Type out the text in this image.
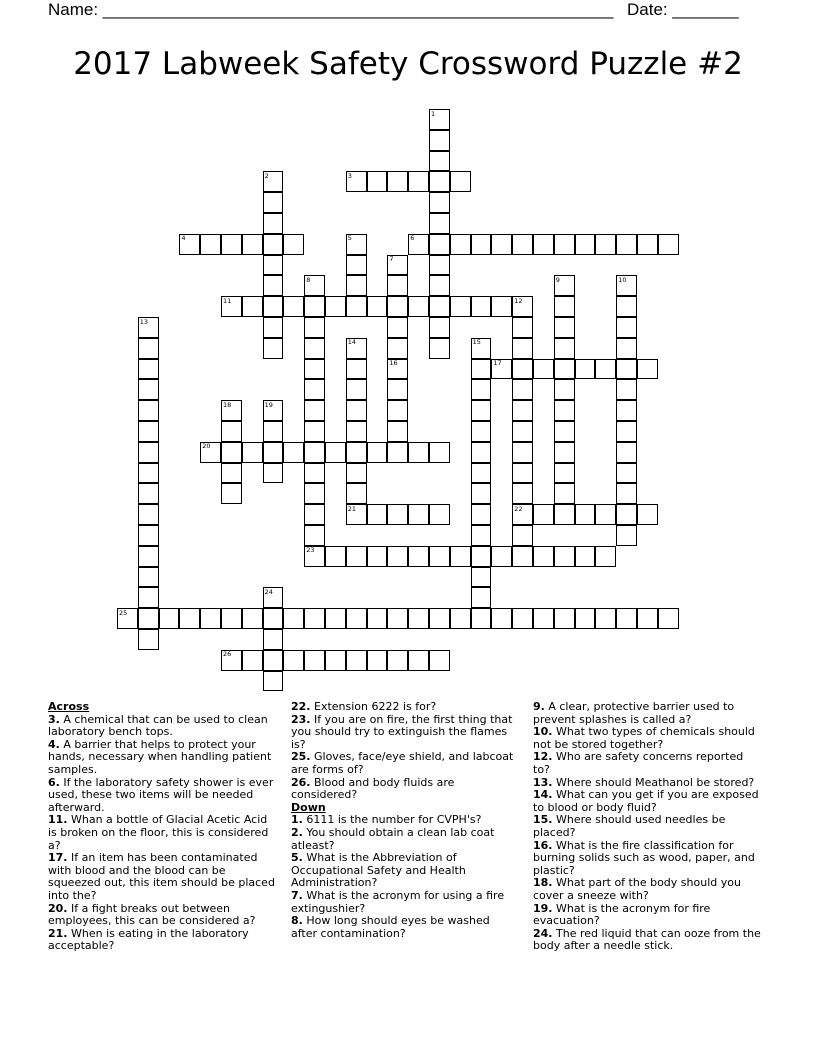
Name: ______________________________________________________ Date: _______
2017 Labweek Safety Crossword Puzzle #2
1
2	3
4	5	6
7
8	9	10
11	12
13
14	15
16	17
18	19
20
21	22
23
24
25
26
Across
3. A chemical that can be used to clean laboratory bench tops.
4. A barrier that helps to protect your hands, necessary when handling patient samples.
6. If the laboratory safety shower is ever used, these two items will be needed afterward.
11. Whan a bottle of Glacial Acetic Acid is broken on the floor, this is considered a?
17. If an item has been contaminated with blood and the blood can be squeezed out, this item should be placed into the?
20. If a fight breaks out between employees, this can be considered a?
21. When is eating in the laboratory acceptable?
22. Extension 6222 is for?
23. If you are on fire, the first thing that you should try to extinguish the flames is?
25. Gloves, face/eye shield, and labcoat are forms of?
26. Blood and body fluids are considered?
Down
1. 6111 is the number for CVPH's?
2. You should obtain a clean lab coat atleast?
5. What is the Abbreviation of Occupational Safety and Health Administration?
7. What is the acronym for using a fire extingushier?
8. How long should eyes be washed after contamination?
9. A clear, protective barrier used to prevent splashes is called a?
10. What two types of chemicals should not be stored together?
12. Who are safety concerns reported to?
13. Where should Meathanol be stored?
14. What can you get if you are exposed to blood or body fluid?
15. Where should used needles be placed?
16. What is the fire classification for burning solids such as wood, paper, and plastic?
18. What part of the body should you cover a sneeze with?
19. What is the acronym for fire evacuation?
24. The red liquid that can ooze from the body after a needle stick.
